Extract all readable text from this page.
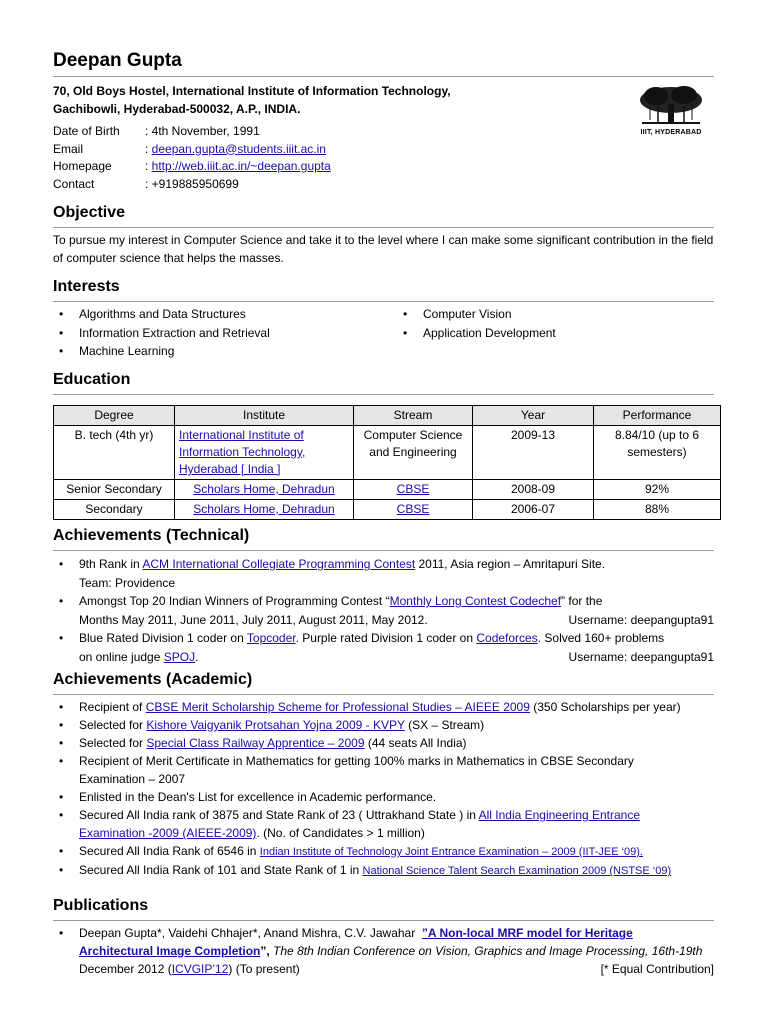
Deepan Gupta
70, Old Boys Hostel, International Institute of Information Technology,
Gachibowli, Hyderabad-500032, A.P., INDIA.
Date of Birth : 4th November, 1991
Email	: deepan.gupta@students.iiit.ac.in
Homepage	: http://web.iiit.ac.in/~deepan.gupta
Contact	: +919885950699
IIIT, HYDERABAD
Objective
To pursue my interest in Computer Science and take it to the level where I can make some significant contribution in the field of computer science that helps the masses.
Interests
• Algorithms and Data Structures
• Information Extraction and Retrieval
• Machine Learning
• Computer Vision
• Application Development
Education
Degree	Institute	Stream	Year	Performance
B. tech (4th yr)	International Institute of Information Technology, Hyderabad [ India ]	Computer Science and Engineering	2009-13	8.84/10 (up to 6 semesters)
Senior Secondary	Scholars Home, Dehradun	CBSE	2008-09	92%
Secondary	Scholars Home, Dehradun	CBSE	2006-07	88%
Achievements (Technical)
• 9th Rank in ACM International Collegiate Programming Contest 2011, Asia region – Amritapuri Site.
Team: Providence
• Amongst Top 20 Indian Winners of Programming Contest “Monthly Long Contest Codechef” for the
Months May 2011, June 2011, July 2011, August 2011, May 2012.	Username: deepangupta91
• Blue Rated Division 1 coder on Topcoder. Purple rated Division 1 coder on Codeforces. Solved 160+ problems
on online judge SPOJ.	Username: deepangupta91
Achievements (Academic)
• Recipient of CBSE Merit Scholarship Scheme for Professional Studies – AIEEE 2009 (350 Scholarships per year)
• Selected for Kishore Vaigyanik Protsahan Yojna 2009 - KVPY (SX – Stream)
• Selected for Special Class Railway Apprentice – 2009 (44 seats All India)
• Recipient of Merit Certificate in Mathematics for getting 100% marks in Mathematics in CBSE Secondary
Examination – 2007
• Enlisted in the Dean's List for excellence in Academic performance.
• Secured All India rank of 3875 and State Rank of 23 ( Uttrakhand State ) in All India Engineering Entrance
Examination -2009 (AIEEE-2009). (No. of Candidates > 1 million)
• Secured All India Rank of 6546 in Indian Institute of Technology Joint Entrance Examination – 2009 (IIT-JEE ‘09).
• Secured All India Rank of 101 and State Rank of 1 in National Science Talent Search Examination 2009 (NSTSE ‘09)
Publications
• Deepan Gupta*, Vaidehi Chhajer*, Anand Mishra, C.V. Jawahar ”A Non-local MRF model for Heritage
Architectural Image Completion”, The 8th Indian Conference on Vision, Graphics and Image Processing, 16th-19th
December 2012 (ICVGIP’12) (To present)	[* Equal Contribution]
